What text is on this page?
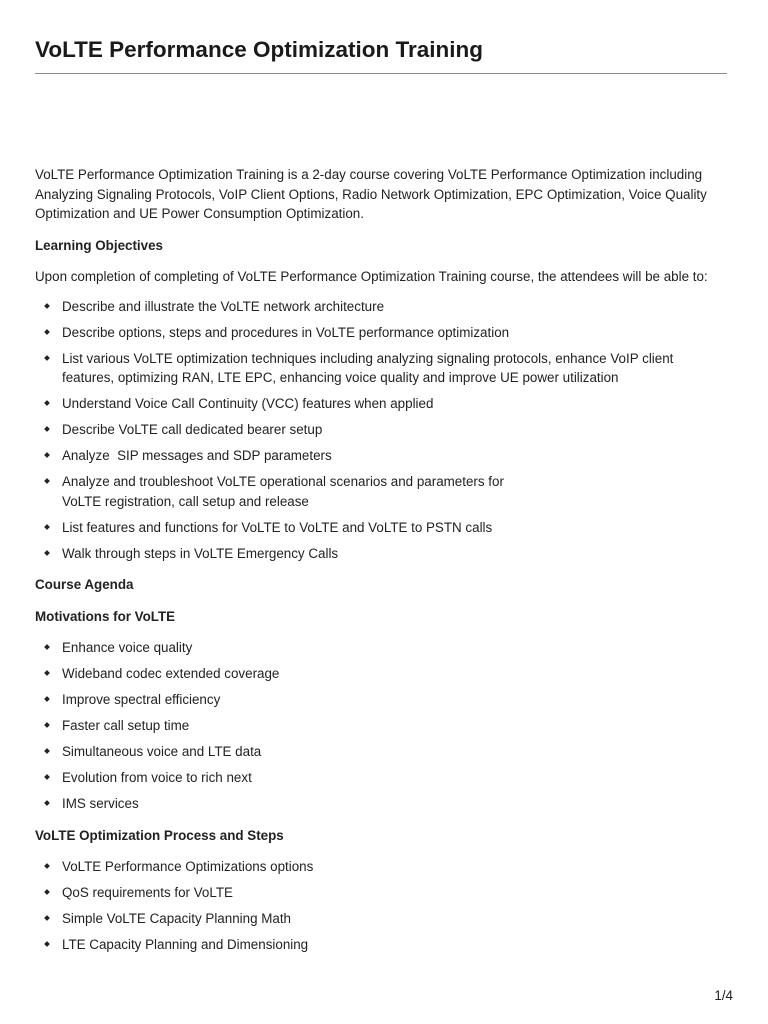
VoLTE Performance Optimization Training

VoLTE Performance Optimization Training is a 2-day course covering VoLTE Performance Optimization including Analyzing Signaling Protocols, VoIP Client Options, Radio Network Optimization, EPC Optimization, Voice Quality Optimization and UE Power Consumption Optimization.

Learning Objectives

Upon completion of completing of VoLTE Performance Optimization Training course, the attendees will be able to:

Describe and illustrate the VoLTE network architecture
Describe options, steps and procedures in VoLTE performance optimization
List various VoLTE optimization techniques including analyzing signaling protocols, enhance VoIP client features, optimizing RAN, LTE EPC, enhancing voice quality and improve UE power utilization
Understand Voice Call Continuity (VCC) features when applied
Describe VoLTE call dedicated bearer setup
Analyze  SIP messages and SDP parameters
Analyze and troubleshoot VoLTE operational scenarios and parameters for
VoLTE registration, call setup and release
List features and functions for VoLTE to VoLTE and VoLTE to PSTN calls
Walk through steps in VoLTE Emergency Calls

Course Agenda

Motivations for VoLTE

Enhance voice quality
Wideband codec extended coverage
Improve spectral efficiency
Faster call setup time
Simultaneous voice and LTE data
Evolution from voice to rich next
IMS services

VoLTE Optimization Process and Steps

VoLTE Performance Optimizations options
QoS requirements for VoLTE
Simple VoLTE Capacity Planning Math
LTE Capacity Planning and Dimensioning
1/4
